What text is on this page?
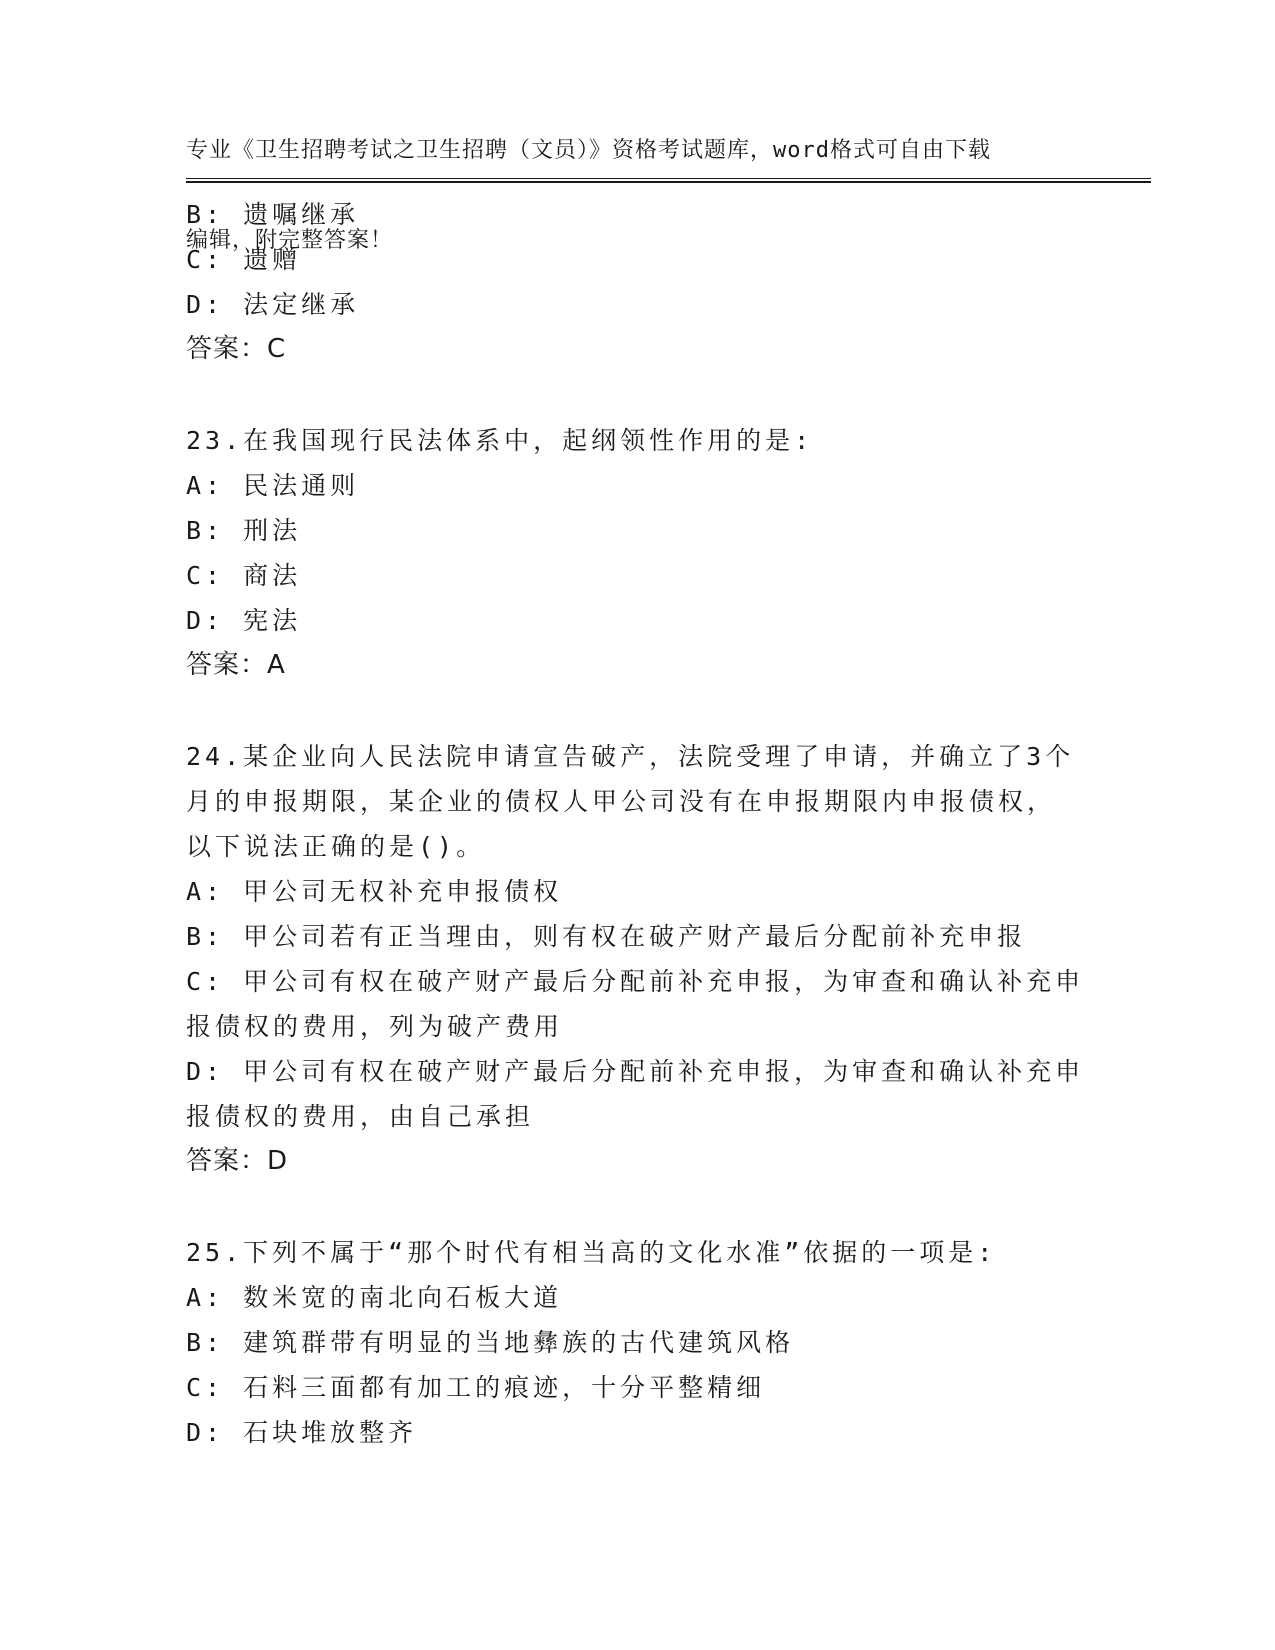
专业《卫生招聘考试之卫生招聘（文员）》资格考试题库，word格式可自由下载

编辑，附完整答案！

B: 遗嘱继承
C: 遗赠
D: 法定继承
答案：C
23.在我国现行民法体系中，起纲领性作用的是:
A: 民法通则
B: 刑法
C: 商法
D: 宪法
答案：A
24.某企业向人民法院申请宣告破产，法院受理了申请，并确立了3个
月的申报期限，某企业的债权人甲公司没有在申报期限内申报债权，
以下说法正确的是()。
A: 甲公司无权补充申报债权
B: 甲公司若有正当理由，则有权在破产财产最后分配前补充申报
C: 甲公司有权在破产财产最后分配前补充申报，为审查和确认补充申
报债权的费用，列为破产费用
D: 甲公司有权在破产财产最后分配前补充申报，为审查和确认补充申
报债权的费用，由自己承担
答案：D
25.下列不属于“那个时代有相当高的文化水准”依据的一项是:
A: 数米宽的南北向石板大道
B: 建筑群带有明显的当地彝族的古代建筑风格
C: 石料三面都有加工的痕迹，十分平整精细
D: 石块堆放整齐
